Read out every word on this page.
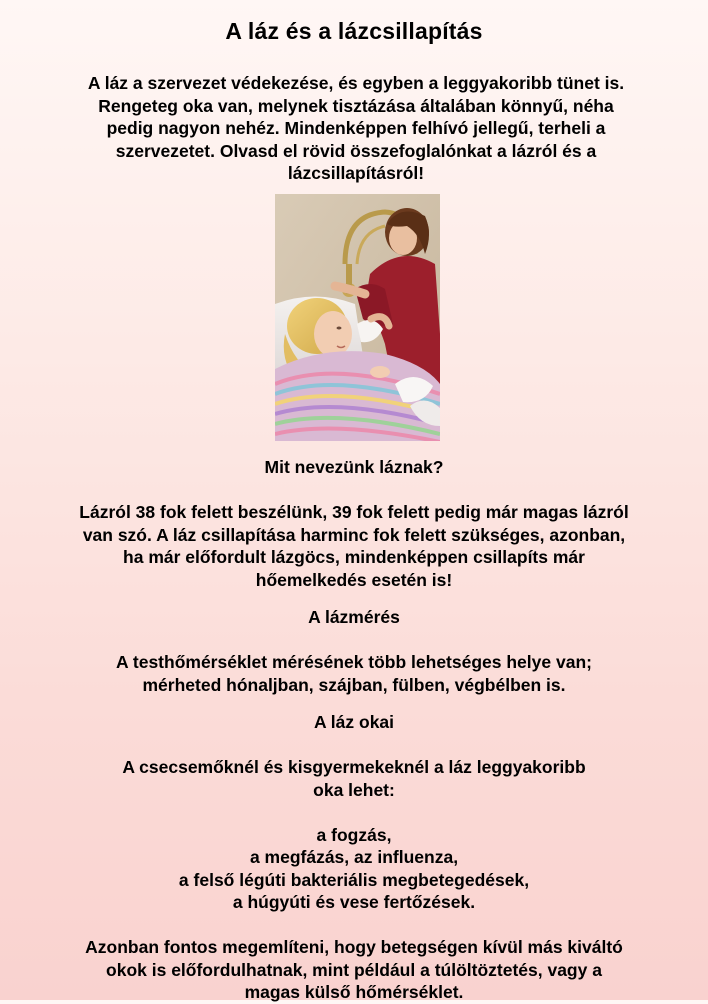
A láz és a lázcsillapítás
A láz a szervezet védekezése, és egyben a leggyakoribb tünet is.
Rengeteg oka van, melynek tisztázása általában könnyű, néha
pedig nagyon nehéz. Mindenképpen felhívó jellegű, terheli a
szervezetet. Olvasd el rövid összefoglalónkat a lázról és a
lázcsillapításról!
Mit nevezünk láznak?
Lázról 38 fok felett beszélünk, 39 fok felett pedig már magas lázról
van szó. A láz csillapítása harminc fok felett szükséges, azonban,
ha már előfordult lázgöcs, mindenképpen csillapíts már
hőemelkedés esetén is!
A lázmérés
A testhőmérséklet mérésének több lehetséges helye van;
mérheted hónaljban, szájban, fülben, végbélben is.
A láz okai
A csecsemőknél és kisgyermekeknél a láz leggyakoribb
oka lehet:
a fogzás,
a megfázás, az influenza,
a felső légúti bakteriális megbetegedések,
a húgyúti és vese fertőzések.
Azonban fontos megemlíteni, hogy betegségen kívül más kiváltó
okok is előfordulhatnak, mint például a túlöltöztetés, vagy a
magas külső hőmérséklet.
